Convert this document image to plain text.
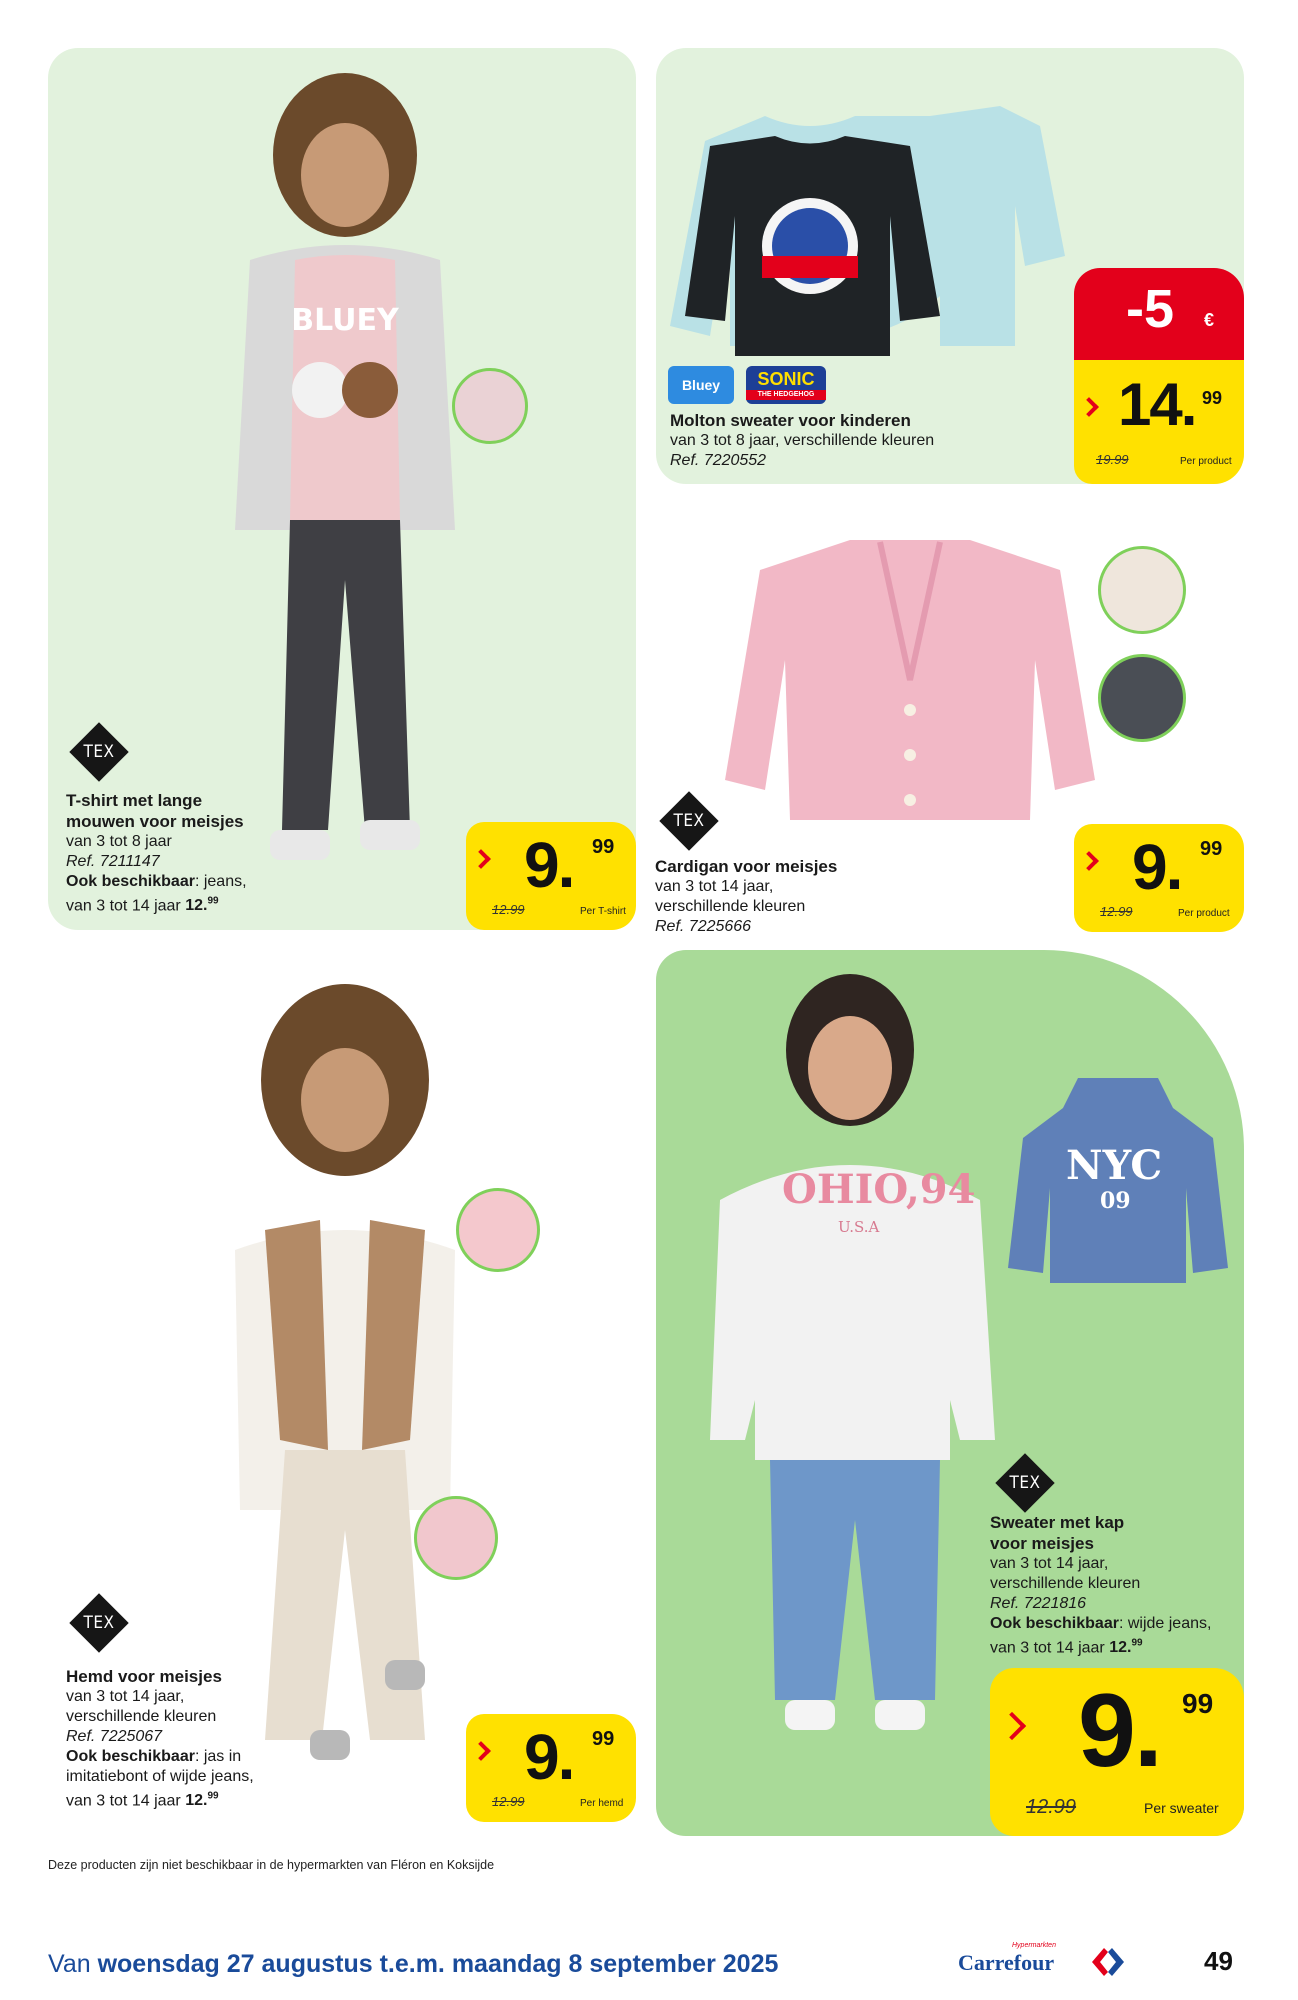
BLUEY
TEX
T-shirt met lange
mouwen voor meisjes
van 3 tot 8 jaar
Ref. 7211147
Ook beschikbaar: jeans,
van 3 tot 14 jaar 12.99
9. 99
12.99	Per T-shirt
Bluey	SONIC
THE HEDGEHOG
Molton sweater voor kinderen
van 3 tot 8 jaar, verschillende kleuren
Ref. 7220552
-5 €
14. 99
19.99	Per product
TEX
Cardigan voor meisjes
van 3 tot 14 jaar,
verschillende kleuren
Ref. 7225666
9. 99
12.99	Per product
TEX
Hemd voor meisjes
van 3 tot 14 jaar,
verschillende kleuren
Ref. 7225067
Ook beschikbaar: jas in
imitatiebont of wijde jeans,
van 3 tot 14 jaar 12.99
9. 99
12.99	Per hemd
OHIO,94
U.S.A
NYC
09
TEX
Sweater met kap
voor meisjes
van 3 tot 14 jaar,
verschillende kleuren
Ref. 7221816
Ook beschikbaar: wijde jeans,
van 3 tot 14 jaar 12.99
9. 99
12.99	Per sweater
Deze producten zijn niet beschikbaar in de hypermarkten van Fléron en Koksijde
Van woensdag 27 augustus t.e.m. maandag 8 september 2025
Hypermarkten
Carrefour	49
